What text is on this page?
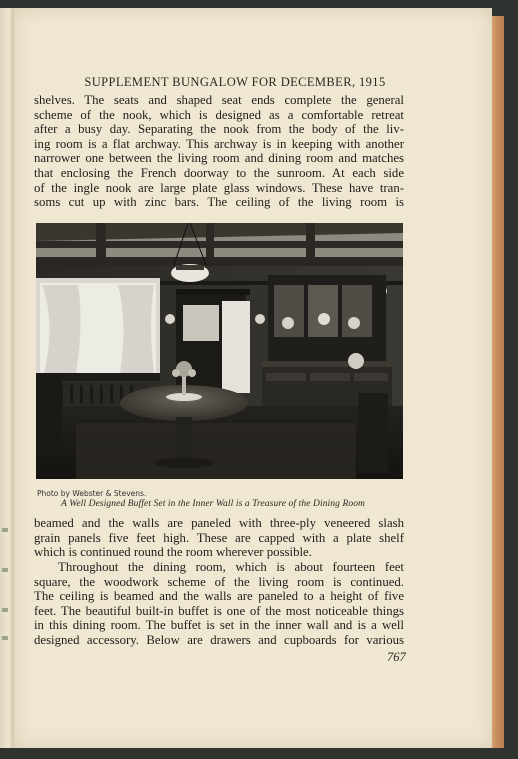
SUPPLEMENT BUNGALOW FOR DECEMBER, 1915
shelves. The seats and shaped seat ends complete the general
scheme of the nook, which is designed as a comfortable retreat
after a busy day. Separating the nook from the body of the liv-
ing room is a flat archway. This archway is in keeping with another
narrower one between the living room and dining room and matches
that enclosing the French doorway to the sunroom. At each side
of the ingle nook are large plate glass windows. These have tran-
soms cut up with zinc bars. The ceiling of the living room is
Photo by Webster & Stevens.
A Well Designed Buffet Set in the Inner Wall is a Treasure of the Dining Room
beamed and the walls are paneled with three-ply veneered slash
grain panels five feet high. These are capped with a plate shelf
which is continued round the room wherever possible.
Throughout the dining room, which is about fourteen feet
square, the woodwork scheme of the living room is continued.
The ceiling is beamed and the walls are paneled to a height of five
feet. The beautiful built-in buffet is one of the most noticeable things
in this dining room. The buffet is set in the inner wall and is a well
designed accessory. Below are drawers and cupboards for various
767
